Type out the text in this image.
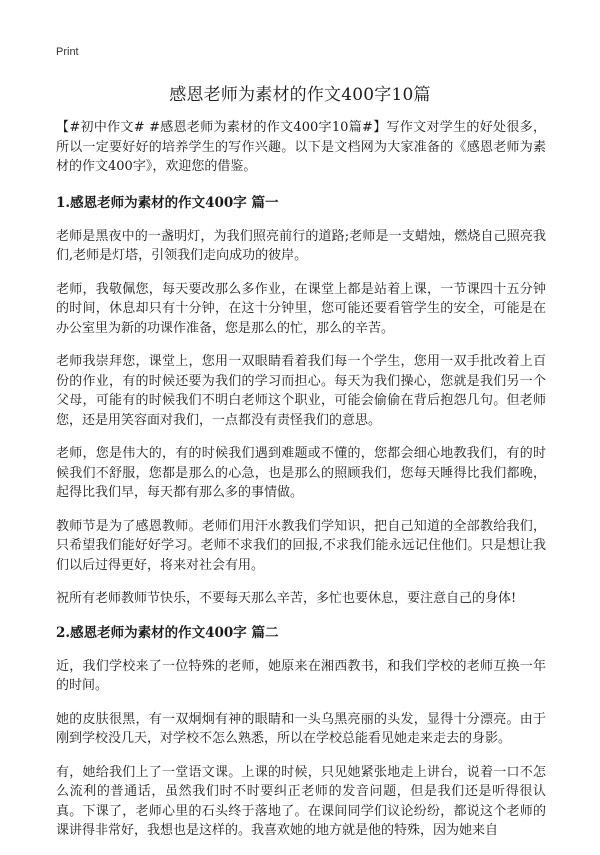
Print
感恩老师为素材的作文400字10篇

【#初中作文# #感恩老师为素材的作文400字10篇#】写作文对学生的好处很多，所以一定要好好的培养学生的写作兴趣。以下是文档网为大家准备的《感恩老师为素材的作文400字》，欢迎您的借鉴。

1.感恩老师为素材的作文400字 篇一

老师是黑夜中的一盏明灯，为我们照亮前行的道路;老师是一支蜡烛，燃烧自己照亮我们,老师是灯塔，引领我们走向成功的彼岸。

老师，我敬佩您，每天要改那么多作业，在课堂上都是站着上课，一节课四十五分钟的时间，休息却只有十分钟，在这十分钟里，您可能还要看管学生的安全，可能是在办公室里为新的功课作准备，您是那么的忙，那么的辛苦。

老师我崇拜您，课堂上，您用一双眼睛看着我们每一个学生，您用一双手批改着上百份的作业，有的时候还要为我们的学习而担心。每天为我们操心，您就是我们另一个父母，可能有的时候我们不明白老师这个职业，可能会偷偷在背后抱怨几句。但老师您，还是用笑容面对我们，一点都没有责怪我们的意思。

老师，您是伟大的，有的时候我们遇到难题或不懂的，您都会细心地教我们，有的时候我们不舒服，您都是那么的心急，也是那么的照顾我们，您每天睡得比我们都晚，起得比我们早，每天都有那么多的事情做。

教师节是为了感恩教师。老师们用汗水教我们学知识，把自己知道的全部教给我们，只希望我们能好好学习。老师不求我们的回报,不求我们能永远记住他们。只是想让我们以后过得更好，将来对社会有用。

祝所有老师教师节快乐，不要每天那么辛苦，多忙也要休息，要注意自己的身体!

2.感恩老师为素材的作文400字 篇二

近，我们学校来了一位特殊的老师，她原来在湘西教书，和我们学校的老师互换一年的时间。

她的皮肤很黑，有一双炯炯有神的眼睛和一头乌黑亮丽的头发，显得十分漂亮。由于刚到学校没几天，对学校不怎么熟悉，所以在学校总能看见她走来走去的身影。

有，她给我们上了一堂语文课。上课的时候，只见她紧张地走上讲台，说着一口不怎么流利的普通话，虽然我们时不时要纠正老师的发音问题，但是我们还是听得很认真。下课了，老师心里的石头终于落地了。在课间同学们议论纷纷，都说这个老师的课讲得非常好，我想也是这样的。我喜欢她的地方就是他的特殊，因为她来自
